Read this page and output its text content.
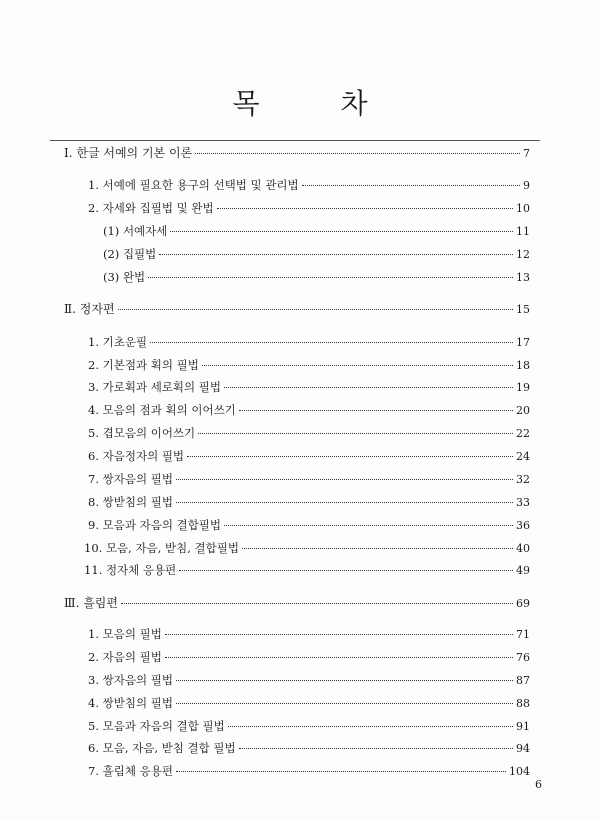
목 차
Ⅰ. 한글 서예의 기본 이론	7
1. 서예에 필요한 용구의 선택법 및 관리법	9
2. 자세와 집필법 및 완법	10
(1) 서예자세	11
(2) 집필법	12
(3) 완법	13
Ⅱ. 정자편	15
1. 기초운필	17
2. 기본점과 획의 필법	18
3. 가로획과 세로획의 필법	19
4. 모음의 점과 획의 이어쓰기	20
5. 겹모음의 이어쓰기	22
6. 자음정자의 필법	24
7. 쌍자음의 필법	32
8. 쌍받침의 필법	33
9. 모음과 자음의 결합필법	36
10. 모음, 자음, 받침, 결합필법	40
11. 정자체 응용편	49
Ⅲ. 흘림편	69
1. 모음의 필법	71
2. 자음의 필법	76
3. 쌍자음의 필법	87
4. 쌍받침의 필법	88
5. 모음과 자음의 결합 필법	91
6. 모음, 자음, 받침 결합 필법	94
7. 흘림체 응용편	104
6
